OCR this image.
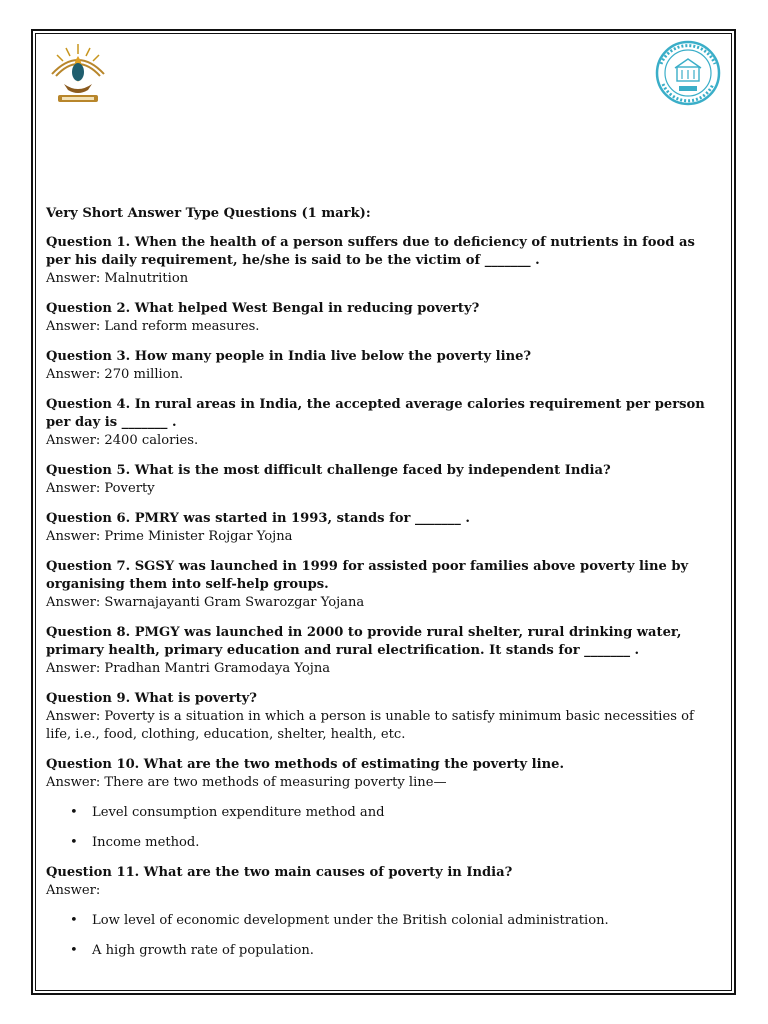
Very Short Answer Type Questions (1 mark):
Question 1. When the health of a person suffers due to deficiency of nutrients in food as per his daily requirement, he/she is said to be the victim of _______ .
Answer: Malnutrition
Question 2. What helped West Bengal in reducing poverty?
Answer: Land reform measures.
Question 3. How many people in India live below the poverty line?
Answer: 270 million.
Question 4. In rural areas in India, the accepted average calories requirement per person per day is _______ .
Answer: 2400 calories.
Question 5. What is the most difficult challenge faced by independent India?
Answer: Poverty
Question 6. PMRY was started in 1993, stands for _______ .
Answer: Prime Minister Rojgar Yojna
Question 7. SGSY was launched in 1999 for assisted poor families above poverty line by organising them into self-help groups.
Answer: Swarnajayanti Gram Swarozgar Yojana
Question 8. PMGY was launched in 2000 to provide rural shelter, rural drinking water, primary health, primary education and rural electrification. It stands for _______ .
Answer: Pradhan Mantri Gramodaya Yojna
Question 9. What is poverty?
Answer: Poverty is a situation in which a person is unable to satisfy minimum basic necessities of life, i.e., food, clothing, education, shelter, health, etc.
Question 10. What are the two methods of estimating the poverty line.
Answer: There are two methods of measuring poverty line—
• Level consumption expenditure method and
• Income method.
Question 11. What are the two main causes of poverty in India?
Answer:
• Low level of economic development under the British colonial administration.
• A high growth rate of population.
